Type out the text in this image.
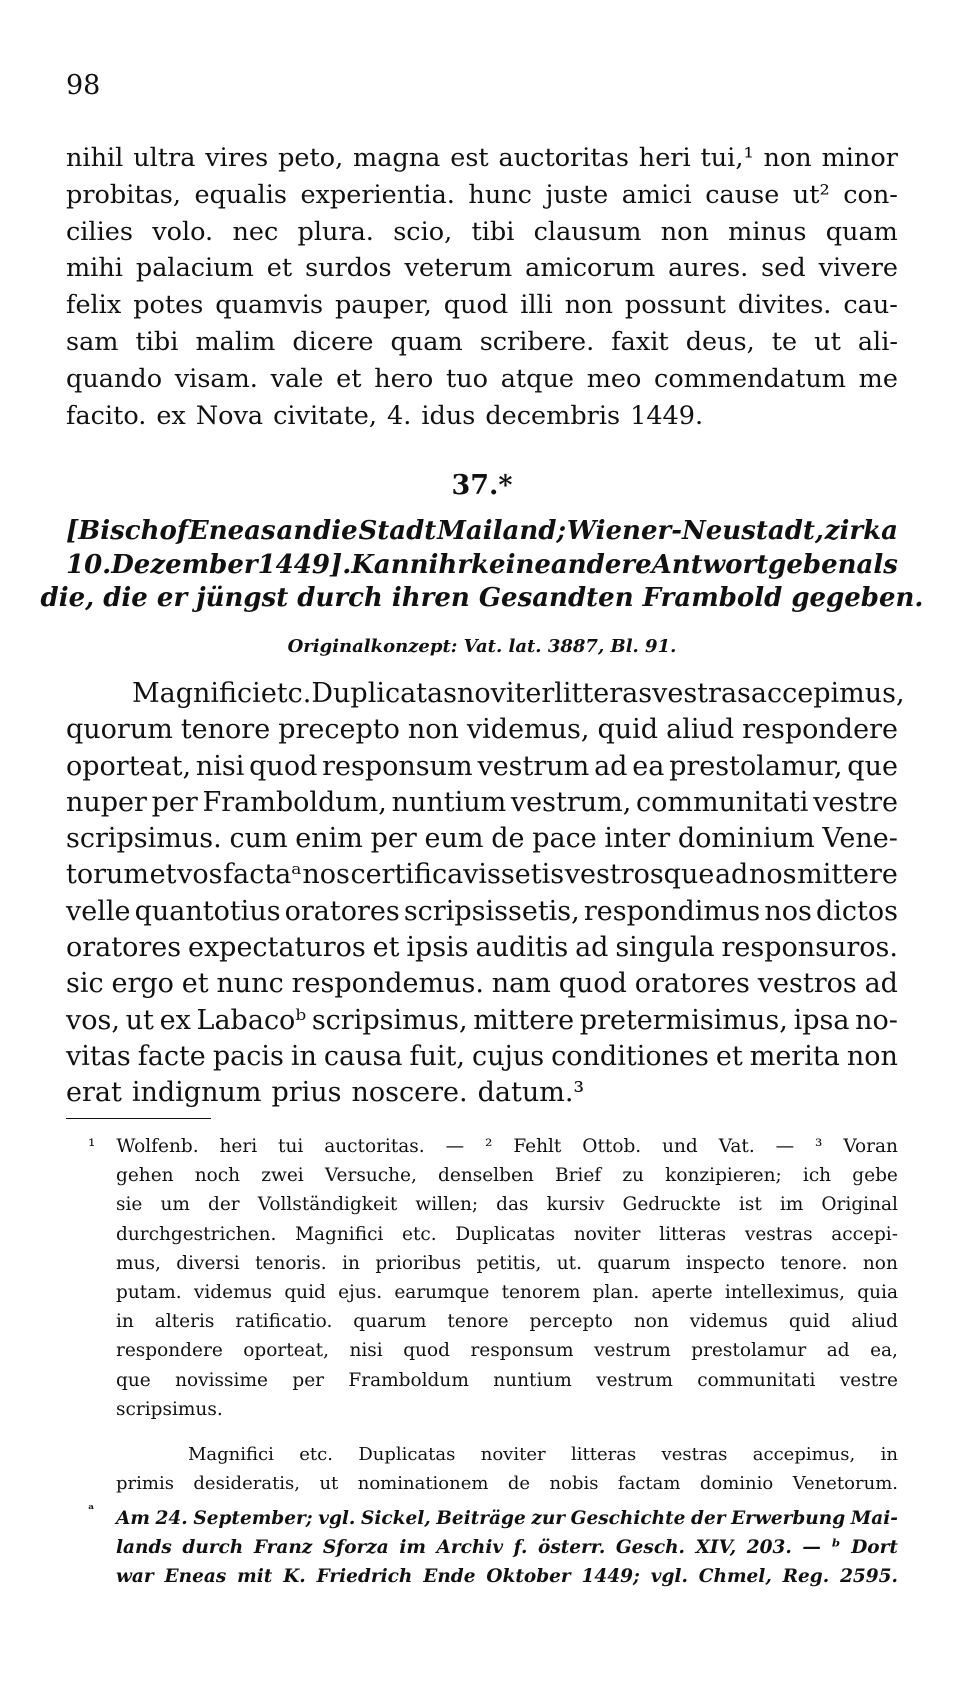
98
nihil ultra vires peto, magna est auctoritas heri tui,¹ non minor
probitas, equalis experientia. hunc juste amici cause ut² con-
cilies volo. nec plura. scio, tibi clausum non minus quam
mihi palacium et surdos veterum amicorum aures. sed vivere
felix potes quamvis pauper, quod illi non possunt divites. cau-
sam tibi malim dicere quam scribere. faxit deus, te ut ali-
quando visam. vale et hero tuo atque meo commendatum me
facito. ex Nova civitate, 4. idus decembris 1449.
37.*
[Bischof Eneas an die Stadt Mailand; Wiener-Neustadt, zirka
10. Dezember 1449]. Kann ihr keine andere Antwort geben als
die, die er jüngst durch ihren Gesandten Frambold gegeben.
Originalkonzept: Vat. lat. 3887, Bl. 91.
Magnifici etc. Duplicatas noviter litteras vestras accepimus,
quorum tenore precepto non videmus, quid aliud respondere
oporteat, nisi quod responsum vestrum ad ea prestolamur, que
nuper per Framboldum, nuntium vestrum, communitati vestre
scripsimus. cum enim per eum de pace inter dominium Vene-
torum et vos factaᵃ nos certificavissetis vestrosque ad nos mittere
velle quantotius oratores scripsissetis, respondimus nos dictos
oratores expectaturos et ipsis auditis ad singula responsuros.
sic ergo et nunc respondemus. nam quod oratores vestros ad
vos, ut ex Labacoᵇ scripsimus, mittere pretermisimus, ipsa no-
vitas facte pacis in causa fuit, cujus conditiones et merita non
erat indignum prius noscere. datum.³
¹ Wolfenb. heri tui auctoritas. — ² Fehlt Ottob. und Vat. — ³ Voran
gehen noch zwei Versuche, denselben Brief zu konzipieren; ich gebe
sie um der Vollständigkeit willen; das kursiv Gedruckte ist im Original
durchgestrichen. Magnifici etc. Duplicatas noviter litteras vestras accepi-
mus, diversi tenoris. in prioribus petitis, ut. quarum inspecto tenore. non
putam. videmus quid ejus. earumque tenorem plan. aperte intelleximus, quia
in alteris ratificatio. quarum tenore percepto non videmus quid aliud
respondere oporteat, nisi quod responsum vestrum prestolamur ad ea,
que novissime per Framboldum nuntium vestrum communitati vestre
scripsimus.
Magnifici etc. Duplicatas noviter litteras vestras accepimus, in
primis desideratis, ut nominationem de nobis factam dominio Venetorum.
ᵃ Am 24. September; vgl. Sickel, Beiträge zur Geschichte der Erwerbung Mai-
lands durch Franz Sforza im Archiv f. österr. Gesch. XIV, 203. — ᵇ Dort
war Eneas mit K. Friedrich Ende Oktober 1449; vgl. Chmel, Reg. 2595.
